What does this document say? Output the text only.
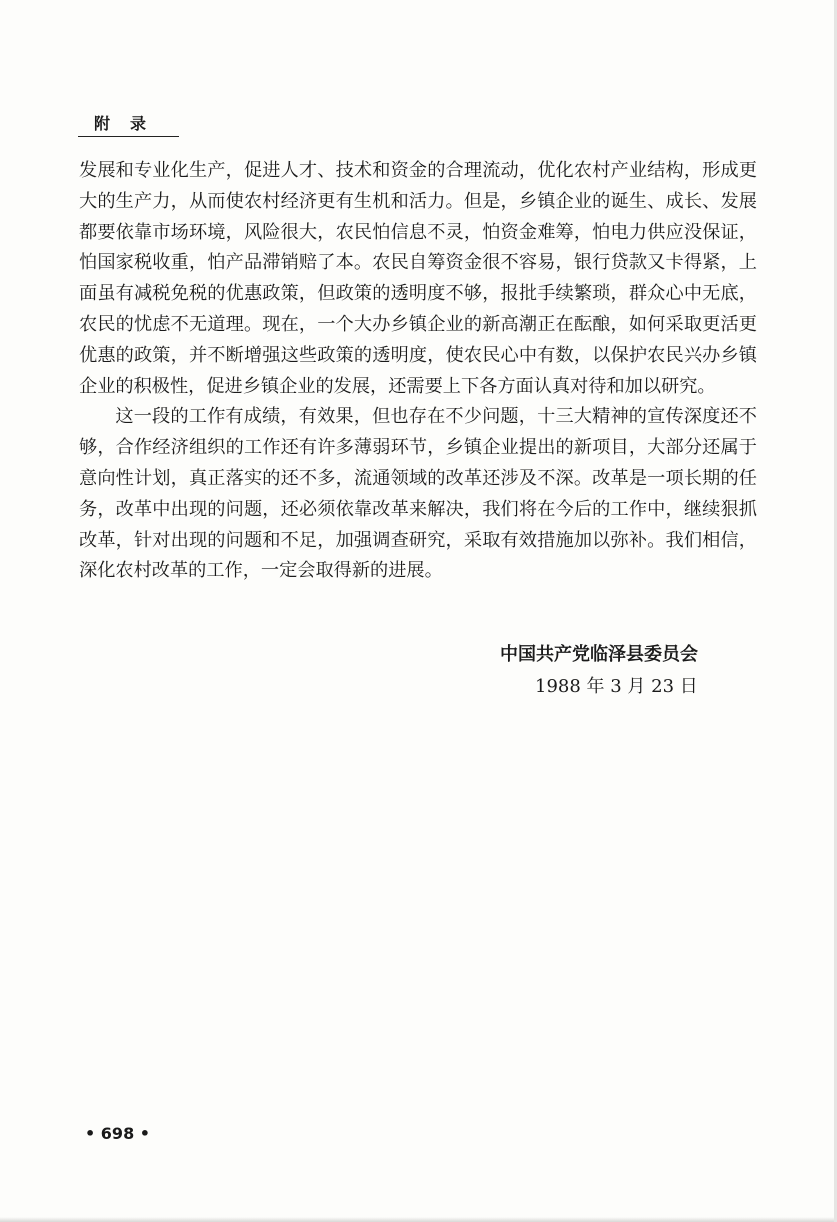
附　录

发展和专业化生产，促进人才、技术和资金的合理流动，优化农村产业结构，形成更大的生产力，从而使农村经济更有生机和活力。但是，乡镇企业的诞生、成长、发展都要依靠市场环境，风险很大，农民怕信息不灵，怕资金难筹，怕电力供应没保证，怕国家税收重，怕产品滞销赔了本。农民自筹资金很不容易，银行贷款又卡得紧，上面虽有减税免税的优惠政策，但政策的透明度不够，报批手续繁琐，群众心中无底，农民的忧虑不无道理。现在，一个大办乡镇企业的新高潮正在酝酿，如何采取更活更优惠的政策，并不断增强这些政策的透明度，使农民心中有数，以保护农民兴办乡镇企业的积极性，促进乡镇企业的发展，还需要上下各方面认真对待和加以研究。

这一段的工作有成绩，有效果，但也存在不少问题，十三大精神的宣传深度还不够，合作经济组织的工作还有许多薄弱环节，乡镇企业提出的新项目，大部分还属于意向性计划，真正落实的还不多，流通领域的改革还涉及不深。改革是一项长期的任务，改革中出现的问题，还必须依靠改革来解决，我们将在今后的工作中，继续狠抓改革，针对出现的问题和不足，加强调查研究，采取有效措施加以弥补。我们相信，深化农村改革的工作，一定会取得新的进展。

中国共产党临泽县委员会
1988 年 3 月 23 日
• 698 •
